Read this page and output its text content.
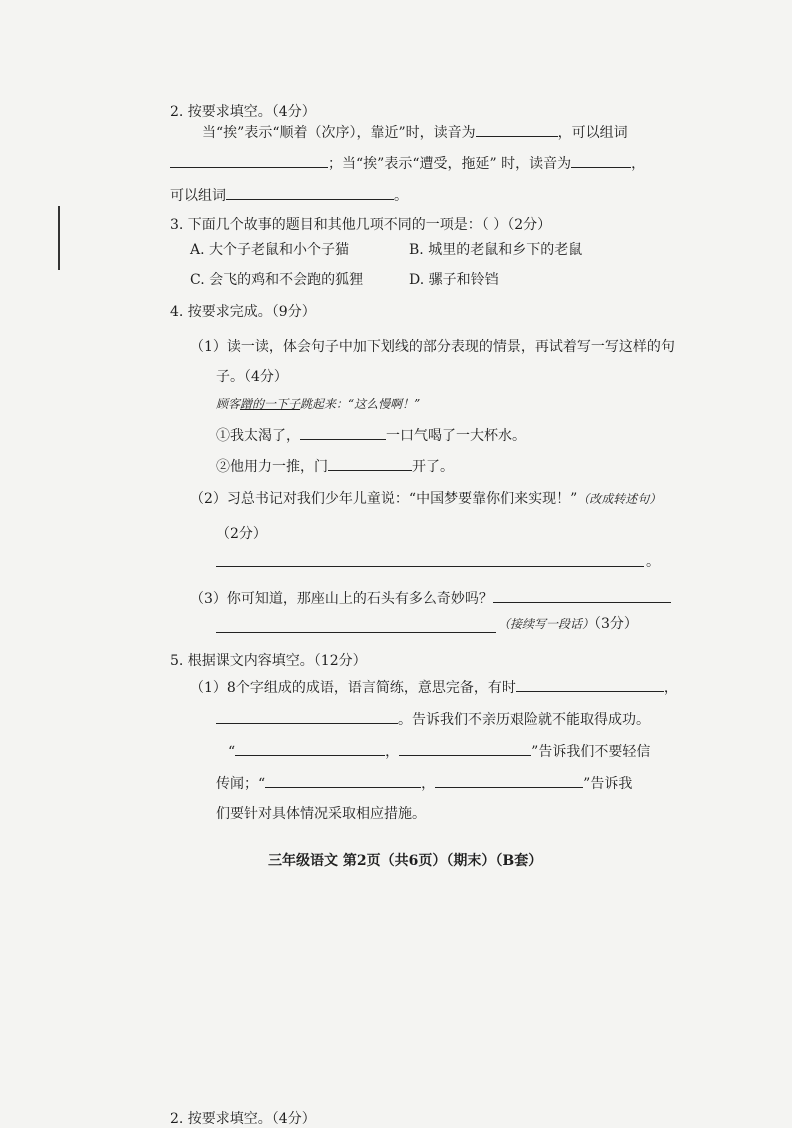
2. 按要求填空。（4分）
当“挨”表示“顺着（次序），靠近”时，读音为	，可以组词
；当“挨”表示“遭受，拖延” 时，读音为	，
可以组词	。
3. 下面几个故事的题目和其他几项不同的一项是：（ ）（2分）
A. 大个子老鼠和小个子猫	B. 城里的老鼠和乡下的老鼠
C. 会飞的鸡和不会跑的狐狸	D. 骡子和铃铛
4. 按要求完成。（9分）
（1）读一读，体会句子中加下划线的部分表现的情景，再试着写一写这样的句
子。（4分）
顾客蹭的一下子跳起来：“这么慢啊！”
①我太渴了，	一口气喝了一大杯水。
②他用力一推，门	开了。
（2）习总书记对我们少年儿童说：“中国梦要靠你们来实现！”（改成转述句）
（2分）
。
（3）你可知道，那座山上的石头有多么奇妙吗？
（接续写一段话）（3分）
5. 根据课文内容填空。（12分）
（1）8个字组成的成语，语言简练，意思完备，有时	，
。告诉我们不亲历艰险就不能取得成功。
“	，	”告诉我们不要轻信
传闻；“	，	”告诉我
们要针对具体情况采取相应措施。
三年级语文 第2页（共6页）（期末）（B套）
2. 按要求填空。（4分）
